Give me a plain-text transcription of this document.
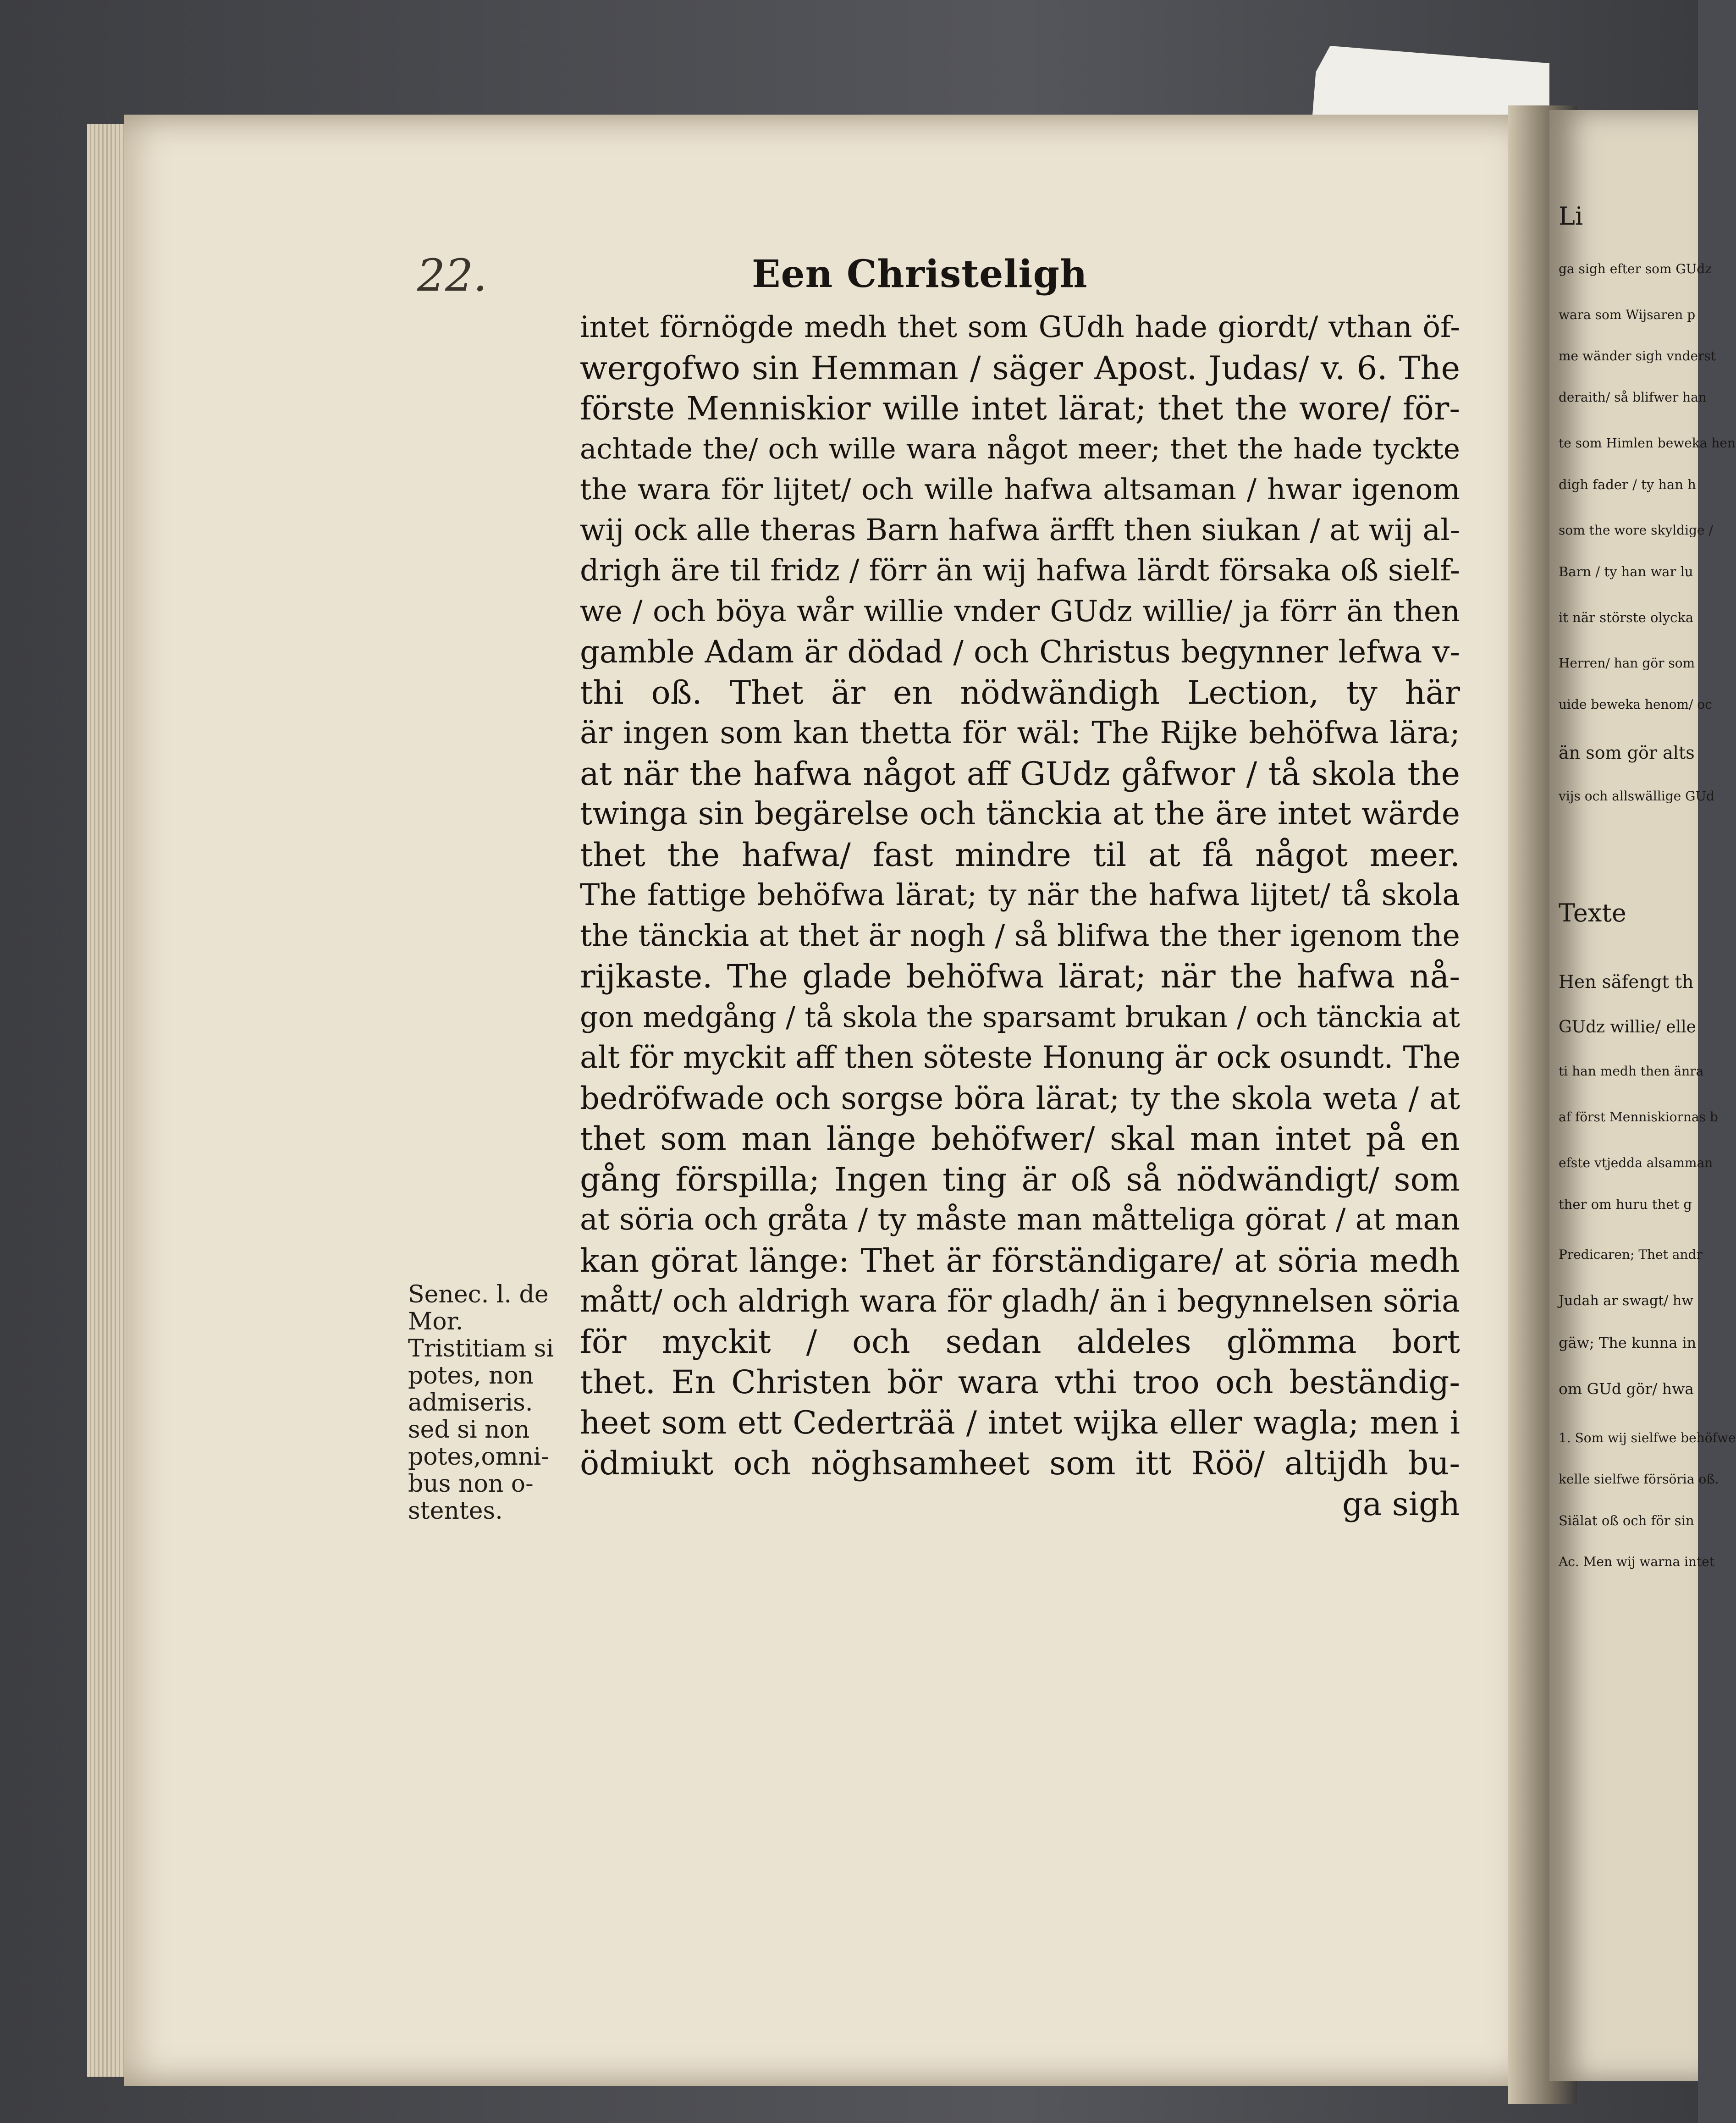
Li
ga sigh efter som GUdz
wara som Wijsaren p
me wänder sigh vnderst
deraith/ så blifwer han
te som Himlen beweka hen
digh fader / ty han h
som the wore skyldige /
Barn / ty han war lu
it när störste olycka
Herren/ han gör som
uide beweka henom/ oc
än som gör alts
vijs och allswällige GUd
Texte
Hen säfengt th
GUdz willie/ elle
ti han medh then änra
af först Menniskiornas b
efste vtjedda alsamman
ther om huru thet g
Predicaren; Thet andr
Judah ar swagt/ hw
gäw; The kunna in
om GUd gör/ hwa
1. Som wij sielfwe behöfwe
kelle sielfwe försöria oß.
Siälat oß och för sin
Ac. Men wij warna intet
22.	Een Christeligh
intet förnögde medh thet som GUdh hade giordt/ vthan öf-
wergofwo sin Hemman / säger Apost. Judas/ v. 6. The
förste Menniskior wille intet lärat; thet the wore/ för-
achtade the/ och wille wara något meer; thet the hade tyckte
the wara för lijtet/ och wille hafwa altsaman / hwar igenom
wij ock alle theras Barn hafwa ärfft then siukan / at wij al-
drigh äre til fridz / förr än wij hafwa lärdt försaka oß sielf-
we / och böya wår willie vnder GUdz willie/ ja förr än then
gamble Adam är dödad / och Christus begynner lefwa v-
thi oß. Thet är en nödwändigh Lection, ty här
är ingen som kan thetta för wäl: The Rijke behöfwa lära;
at när the hafwa något aff GUdz gåfwor / tå skola the
twinga sin begärelse och tänckia at the äre intet wärde
thet the hafwa/ fast mindre til at få något meer.
The fattige behöfwa lärat; ty när the hafwa lijtet/ tå skola
the tänckia at thet är nogh / så blifwa the ther igenom the
rijkaste. The glade behöfwa lärat; när the hafwa nå-
gon medgång / tå skola the sparsamt brukan / och tänckia at
alt för myckit aff then söteste Honung är ock osundt. The
bedröfwade och sorgse böra lärat; ty the skola weta / at
thet som man länge behöfwer/ skal man intet på en
gång förspilla; Ingen ting är oß så nödwändigt/ som
at söria och gråta / ty måste man måtteliga görat / at man
kan görat länge: Thet är förständigare/ at söria medh
mått/ och aldrigh wara för gladh/ än i begynnelsen söria
för myckit / och sedan aldeles glömma bort
thet. En Christen bör wara vthi troo och beständig-
heet som ett Cederträä / intet wijka eller wagla; men i
ödmiukt och nöghsamheet som itt Röö/ altijdh bu-
ga sigh
Senec. l. de
Mor.
Tristitiam si
potes, non
admiseris.
sed si non
potes,omni-
bus non o-
stentes.
